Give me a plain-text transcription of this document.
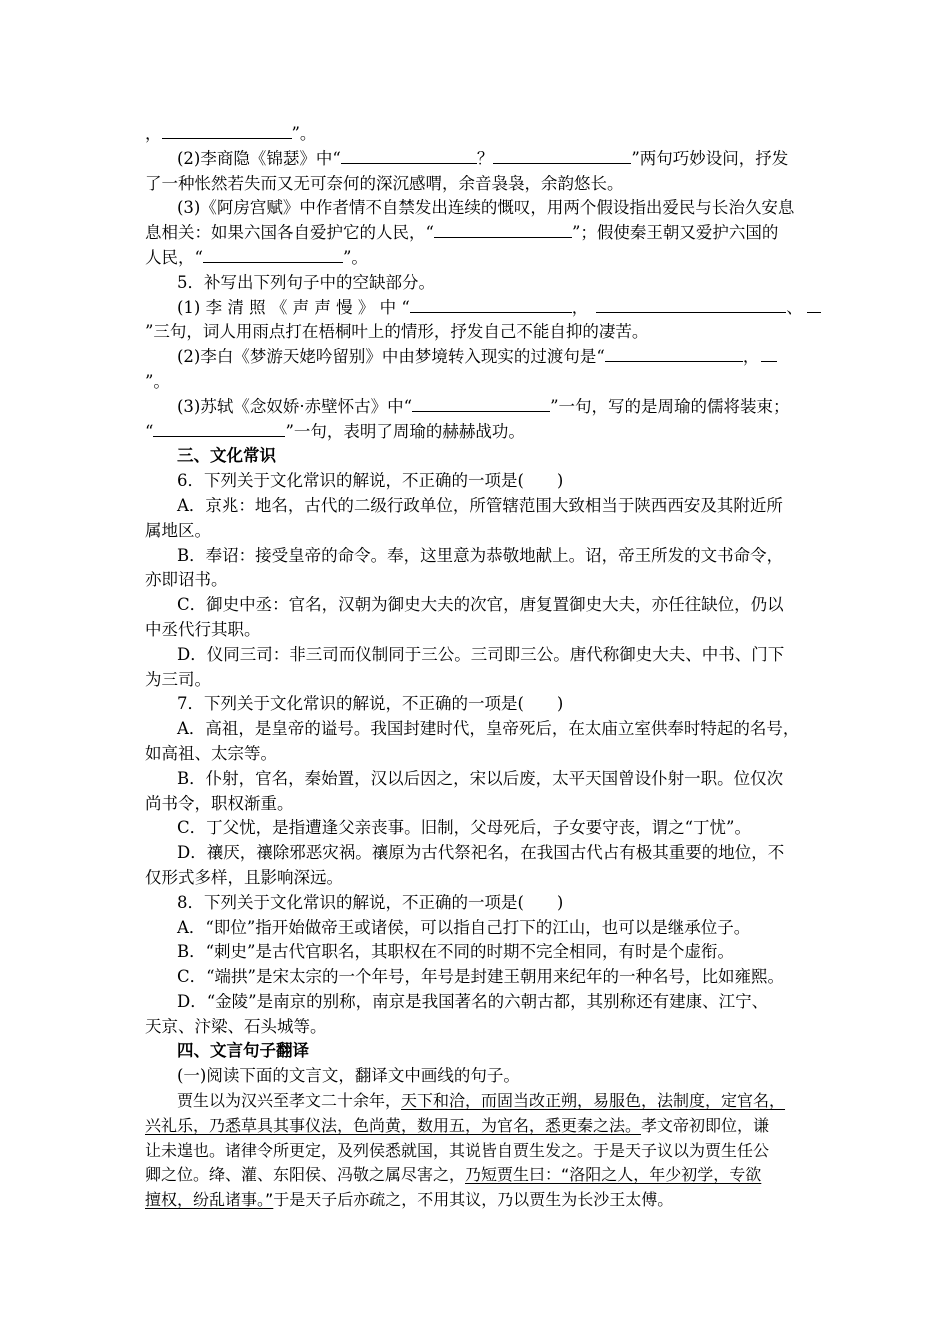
，	”。
(2)李商隐《锦瑟》中“	？	”两句巧妙设问，抒发
了一种怅然若失而又无可奈何的深沉感喟，余音袅袅，余韵悠长。
(3)《阿房宫赋》中作者情不自禁发出连续的慨叹，用两个假设指出爱民与长治久安息
息相关：如果六国各自爱护它的人民，“	”；假使秦王朝又爱护六国的
人民，“	”。
5．补写出下列句子中的空缺部分。
(1) 李 清 照 《 声 声 慢 》 中 “	，	、
”三句，词人用雨点打在梧桐叶上的情形，抒发自己不能自抑的凄苦。
(2)李白《梦游天姥吟留别》中由梦境转入现实的过渡句是“	，
”。
(3)苏轼《念奴娇·赤壁怀古》中“	”一句，写的是周瑜的儒将装束；
“	”一句，表明了周瑜的赫赫战功。
三、文化常识
6．下列关于文化常识的解说，不正确的一项是(　　)
A．京兆：地名，古代的二级行政单位，所管辖范围大致相当于陕西西安及其附近所
属地区。
B．奉诏：接受皇帝的命令。奉，这里意为恭敬地献上。诏，帝王所发的文书命令，
亦即诏书。
C．御史中丞：官名，汉朝为御史大夫的次官，唐复置御史大夫，亦任往缺位，仍以
中丞代行其职。
D．仪同三司：非三司而仪制同于三公。三司即三公。唐代称御史大夫、中书、门下
为三司。
7．下列关于文化常识的解说，不正确的一项是(　　)
A．高祖，是皇帝的谥号。我国封建时代，皇帝死后，在太庙立室供奉时特起的名号，
如高祖、太宗等。
B．仆射，官名，秦始置，汉以后因之，宋以后废，太平天国曾设仆射一职。位仅次
尚书令，职权渐重。
C．丁父忧，是指遭逢父亲丧事。旧制，父母死后，子女要守丧，谓之“丁忧”。
D．禳厌，禳除邪恶灾祸。禳原为古代祭祀名，在我国古代占有极其重要的地位，不
仅形式多样，且影响深远。
8．下列关于文化常识的解说，不正确的一项是(　　)
A．“即位”指开始做帝王或诸侯，可以指自己打下的江山，也可以是继承位子。
B．“刺史”是古代官职名，其职权在不同的时期不完全相同，有时是个虚衔。
C．“端拱”是宋太宗的一个年号，年号是封建王朝用来纪年的一种名号，比如雍熙。
D．“金陵”是南京的别称，南京是我国著名的六朝古都，其别称还有建康、江宁、
天京、汴梁、石头城等。
四、文言句子翻译
(一)阅读下面的文言文，翻译文中画线的句子。
贾生以为汉兴至孝文二十余年，天下和洽，而固当改正朔，易服色，法制度，定官名，
兴礼乐，乃悉草具其事仪法，色尚黄，数用五，为官名，悉更秦之法。孝文帝初即位，谦
让未遑也。诸律令所更定，及列侯悉就国，其说皆自贾生发之。于是天子议以为贾生任公
卿之位。绛、灌、东阳侯、冯敬之属尽害之，乃短贾生曰：“洛阳之人，年少初学，专欲
擅权，纷乱诸事。”于是天子后亦疏之，不用其议，乃以贾生为长沙王太傅。
